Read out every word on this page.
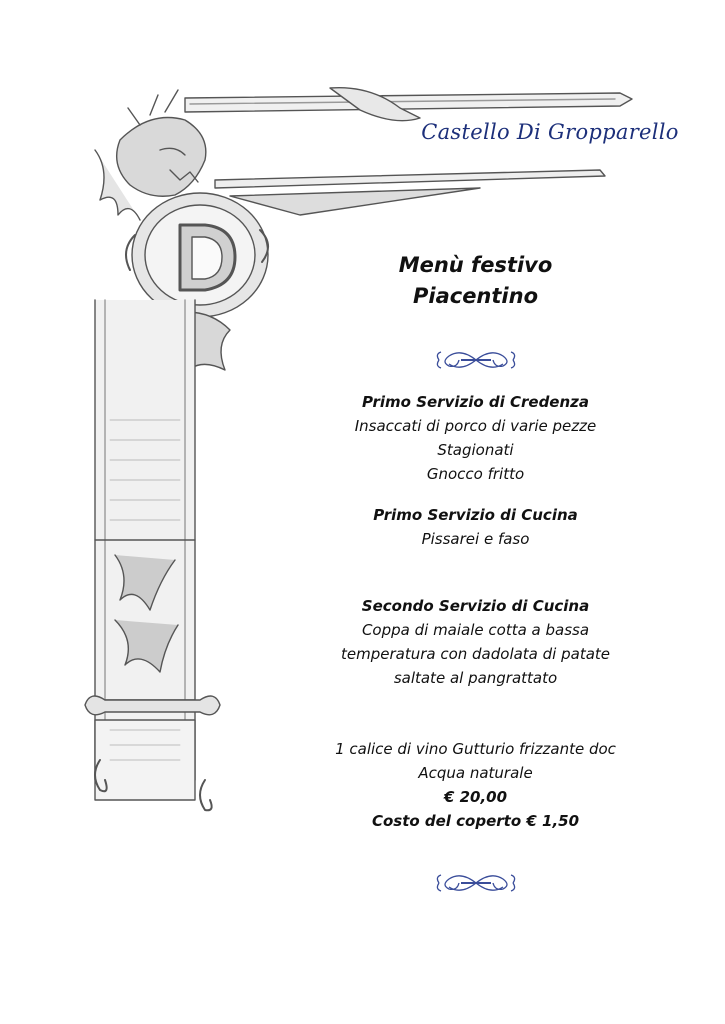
Castello Di Gropparello
Menù festivo
Piacentino
Primo Servizio di Credenza
Insaccati di porco di varie pezze
Stagionati
Gnocco fritto
Primo Servizio di Cucina
Pissarei e faso
Secondo Servizio di Cucina
Coppa di maiale cotta a bassa
temperatura con dadolata di patate
saltate al pangrattato
1 calice di vino Gutturio frizzante doc
Acqua naturale
€ 20,00
Costo del coperto € 1,50
